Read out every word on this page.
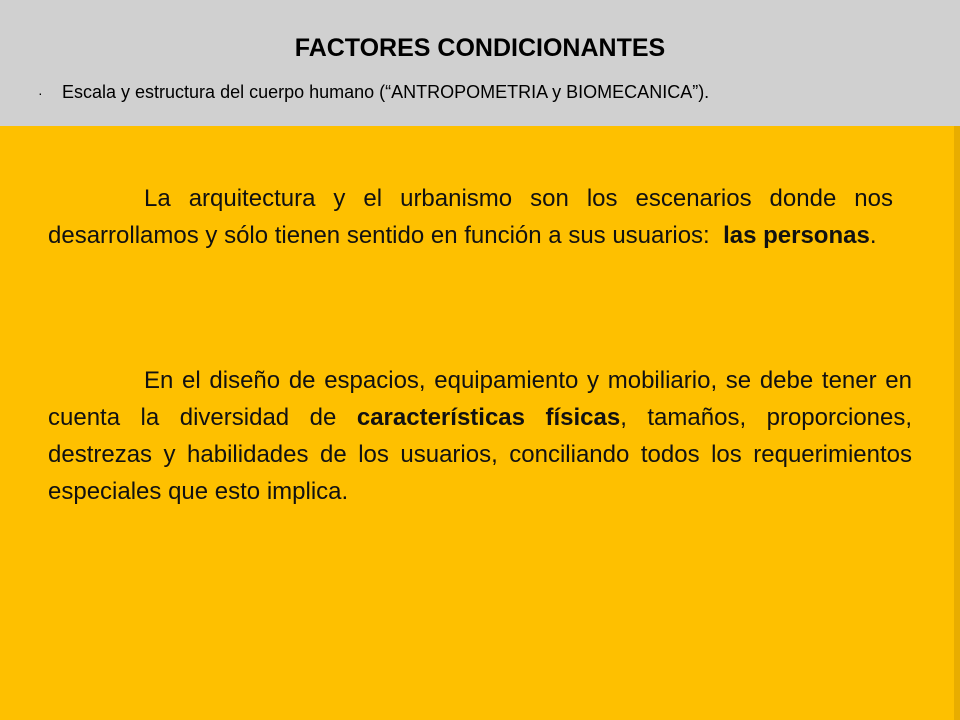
FACTORES CONDICIONANTES
· Escala y estructura del cuerpo humano (“ANTROPOMETRIA y BIOMECANICA”).
La arquitectura y el urbanismo son los escenarios donde nos desarrollamos y sólo tienen sentido en función a sus usuarios: las personas.
En el diseño de espacios, equipamiento y mobiliario, se debe tener en cuenta la diversidad de características físicas, tamaños, proporciones, destrezas y habilidades de los usuarios, conciliando todos los requerimientos especiales que esto implica.
